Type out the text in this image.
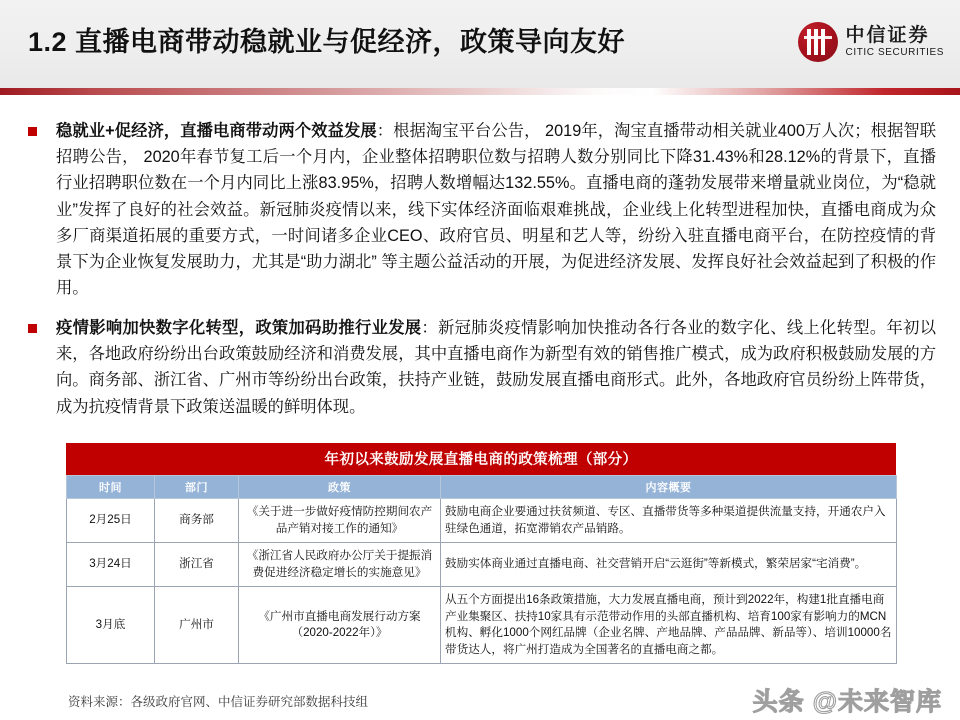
1.2 直播电商带动稳就业与促经济，政策导向友好	中信证券
CITIC SECURITIES
稳就业+促经济，直播电商带动两个效益发展：根据淘宝平台公告， 2019年，淘宝直播带动相关就业400万人次；根据智联招聘公告， 2020年春节复工后一个月内，企业整体招聘职位数与招聘人数分别同比下降31.43%和28.12%的背景下，直播行业招聘职位数在一个月内同比上涨83.95%，招聘人数增幅达132.55%。直播电商的蓬勃发展带来增量就业岗位，为“稳就业”发挥了良好的社会效益。新冠肺炎疫情以来，线下实体经济面临艰难挑战，企业线上化转型进程加快，直播电商成为众多厂商渠道拓展的重要方式，一时间诸多企业CEO、政府官员、明星和艺人等，纷纷入驻直播电商平台，在防控疫情的背景下为企业恢复发展助力，尤其是“助力湖北” 等主题公益活动的开展，为促进经济发展、发挥良好社会效益起到了积极的作用。
疫情影响加快数字化转型，政策加码助推行业发展：新冠肺炎疫情影响加快推动各行各业的数字化、线上化转型。年初以来，各地政府纷纷出台政策鼓励经济和消费发展，其中直播电商作为新型有效的销售推广模式，成为政府积极鼓励发展的方向。商务部、浙江省、广州市等纷纷出台政策，扶持产业链，鼓励发展直播电商形式。此外，各地政府官员纷纷上阵带货，成为抗疫情背景下政策送温暖的鲜明体现。
年初以来鼓励发展直播电商的政策梳理（部分）
时间	部门	政策	内容概要
2月25日	商务部	《关于进一步做好疫情防控期间农产品产销对接工作的通知》	鼓励电商企业要通过扶贫频道、专区、直播带货等多种渠道提供流量支持，开通农户入驻绿色通道，拓宽滞销农产品销路。
3月24日	浙江省	《浙江省人民政府办公厅关于提振消费促进经济稳定增长的实施意见》	鼓励实体商业通过直播电商、社交营销开启“云逛街”等新模式，繁荣居家“宅消费”。
3月底	广州市	《广州市直播电商发展行动方案（2020-2022年）》	从五个方面提出16条政策措施，大力发展直播电商，预计到2022年，构建1批直播电商产业集聚区、扶持10家具有示范带动作用的头部直播机构、培育100家有影响力的MCN机构、孵化1000个网红品牌（企业名牌、产地品牌、产品品牌、新品等）、培训10000名带货达人，将广州打造成为全国著名的直播电商之都。
资料来源：各级政府官网、中信证券研究部数据科技组	头条 @未来智库
